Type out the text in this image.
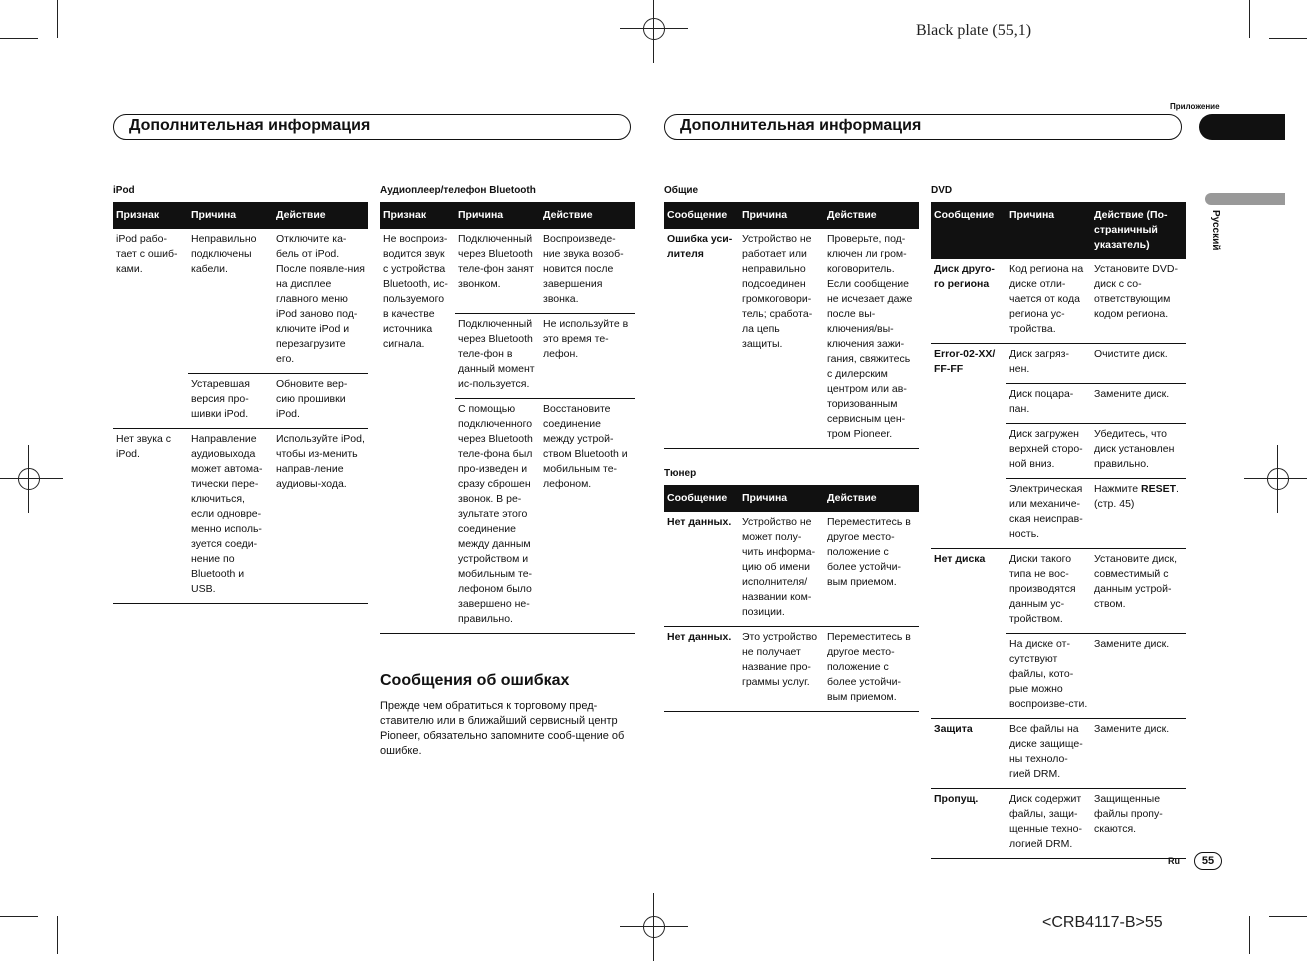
Black plate (55,1)
<CRB4117-B>55
Приложение
Дополнительная информация	Дополнительная информация
Русский
iPod
Признак	Причина	Действие
iPod рабо-тает с ошиб-ками.	Неправильно подключены кабели.	Отключите ка-бель от iPod. После появле-ния на дисплее главного меню iPod заново под-ключите iPod и перезагрузите его.
	Устаревшая версия про-шивки iPod.	Обновите вер-сию прошивки iPod.
Нет звука с iPod.	Направление аудиовыхода может автома-тически пере-ключиться, если одновре-менно исполь-зуется соеди-нение по Bluetooth и USB.	Используйте iPod, чтобы из-менить направ-ление аудиовы-хода.
Аудиоплеер/телефон Bluetooth
Признак	Причина	Действие
Не воспроиз-водится звук с устройства Bluetooth, ис-пользуемого в качестве источника сигнала.	Подключенный через Bluetooth теле-фон занят звонком.	Воспроизведе-ние звука возоб-новится после завершения звонка.
	Подключенный через Bluetooth теле-фон в данный момент ис-пользуется.	Не используйте в это время те-лефон.
	С помощью подключенного через Bluetooth теле-фона был про-изведен и сразу сброшен звонок. В ре-зультате этого соединение между данным устройством и мобильным те-лефоном было завершено не-правильно.	Восстановите соединение между устрой-ством Bluetooth и мобильным те-лефоном.
Сообщения об ошибках
Прежде чем обратиться к торговому пред-ставителю или в ближайший сервисный центр Pioneer, обязательно запомните сооб-щение об ошибке.
Общие
Сообщение	Причина	Действие
Ошибка уси-лителя	Устройство не работает или неправильно подсоединен громкоговори-тель; сработа-ла цепь защиты.	Проверьте, под-ключен ли гром-коговоритель. Если сообщение не исчезает даже после вы-ключения/вы-ключения зажи-гания, свяжитесь с дилерским центром или ав-торизованным сервисным цен-тром Pioneer.
Тюнер
Сообщение	Причина	Действие
Нет данных.	Устройство не может полу-чить информа-цию об имени исполнителя/ названии ком-позиции.	Переместитесь в другое место-положение с более устойчи-вым приемом.
Нет данных.	Это устройство не получает название про-граммы услуг.	Переместитесь в другое место-положение с более устойчи-вым приемом.
DVD
Сообщение	Причина	Действие (По-страничный указатель)
Диск друго-го региона	Код региона на диске отли-чается от кода региона ус-тройства.	Установите DVD-диск с со-ответствующим кодом региона.
Error-02-XX/ FF-FF	Диск загряз-нен.	Очистите диск.
	Диск поцара-пан.	Замените диск.
	Диск загружен верхней сторо-ной вниз.	Убедитесь, что диск установлен правильно.
	Электрическая или механиче-ская неисправ-ность.	Нажмите RESET. (стр. 45)
Нет диска	Диски такого типа не вос-производятся данным ус-тройством.	Установите диск, совместимый с данным устрой-ством.
	На диске от-сутствуют файлы, кото-рые можно воспроизве-сти.	Замените диск.
Защита	Все файлы на диске защище-ны техноло-гией DRM.	Замените диск.
Пропущ.	Диск содержит файлы, защи-щенные техно-логией DRM.	Защищенные файлы пропу-скаются.
Ru	55
